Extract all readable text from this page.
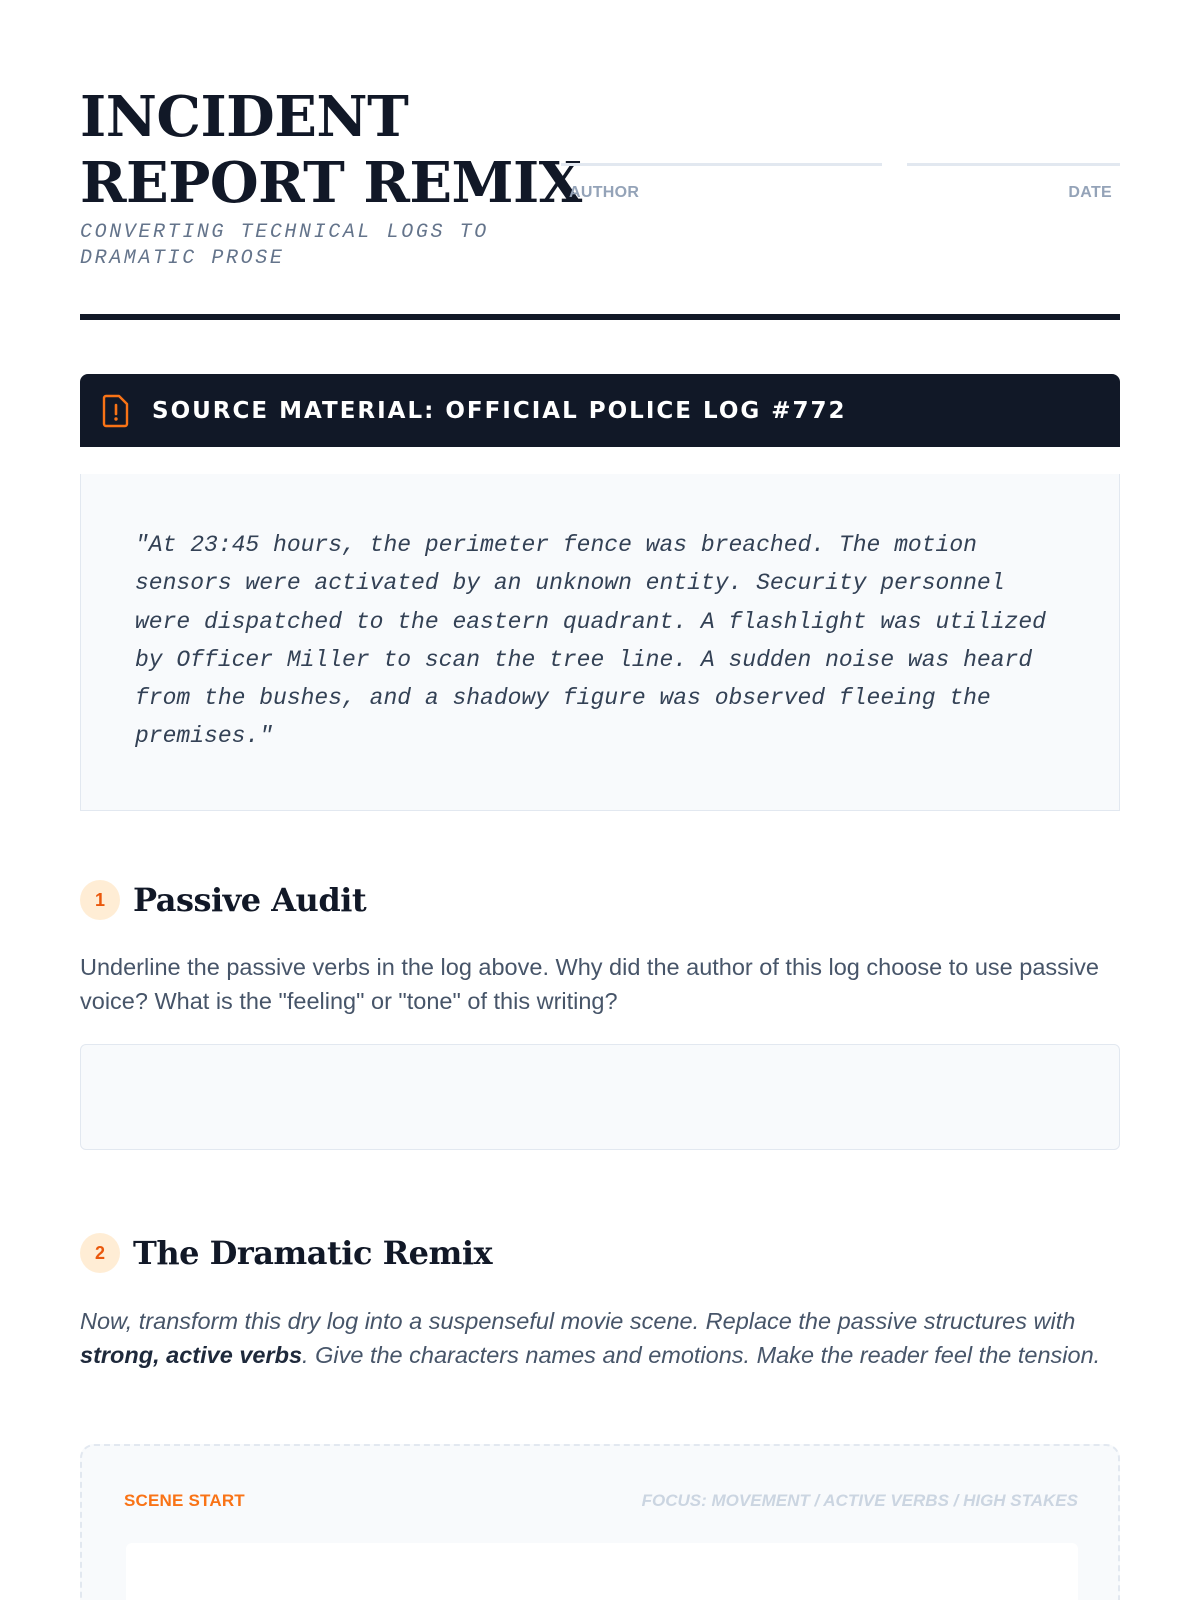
INCIDENT
REPORT REMIX
CONVERTING TECHNICAL LOGS TO DRAMATIC PROSE
AUTHOR	DATE
SOURCE MATERIAL: OFFICIAL POLICE LOG #772

"At 23:45 hours, the perimeter fence was breached. The motion sensors were activated by an unknown entity. Security personnel were dispatched to the eastern quadrant. A flashlight was utilized by Officer Miller to scan the tree line. A sudden noise was heard from the bushes, and a shadowy figure was observed fleeing the premises."

1 Passive Audit

Underline the passive verbs in the log above. Why did the author of this log choose to use passive voice? What is the "feeling" or "tone" of this writing?

2 The Dramatic Remix

Now, transform this dry log into a suspenseful movie scene. Replace the passive structures with strong, active verbs. Give the characters names and emotions. Make the reader feel the tension.

SCENE START	FOCUS: MOVEMENT / ACTIVE VERBS / HIGH STAKES
